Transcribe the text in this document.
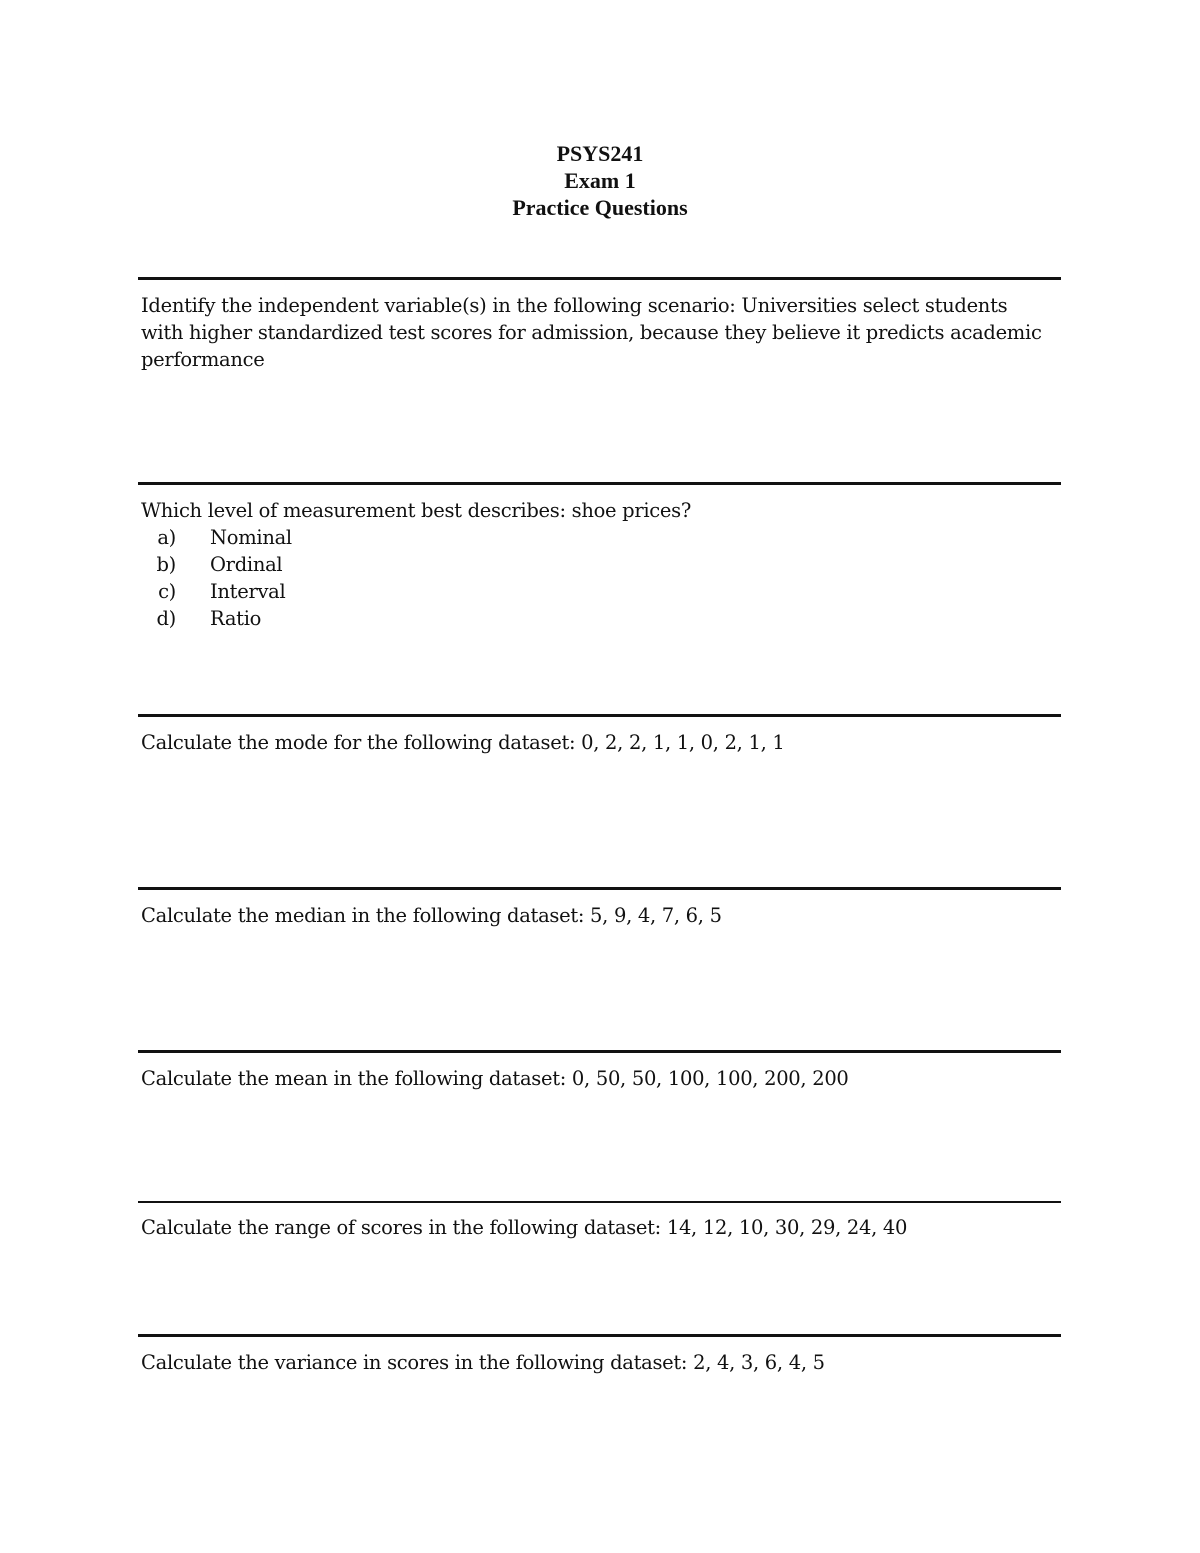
PSYS241
Exam 1
Practice Questions
Identify the independent variable(s) in the following scenario: Universities select students with higher standardized test scores for admission, because they believe it predicts academic performance
Which level of measurement best describes: shoe prices?
a)	Nominal
b)	Ordinal
c)	Interval
d)	Ratio
Calculate the mode for the following dataset: 0, 2, 2, 1, 1, 0, 2, 1, 1
Calculate the median in the following dataset: 5, 9, 4, 7, 6, 5
Calculate the mean in the following dataset: 0, 50, 50, 100, 100, 200, 200
Calculate the range of scores in the following dataset: 14, 12, 10, 30, 29, 24, 40
Calculate the variance in scores in the following dataset: 2, 4, 3, 6, 4, 5
